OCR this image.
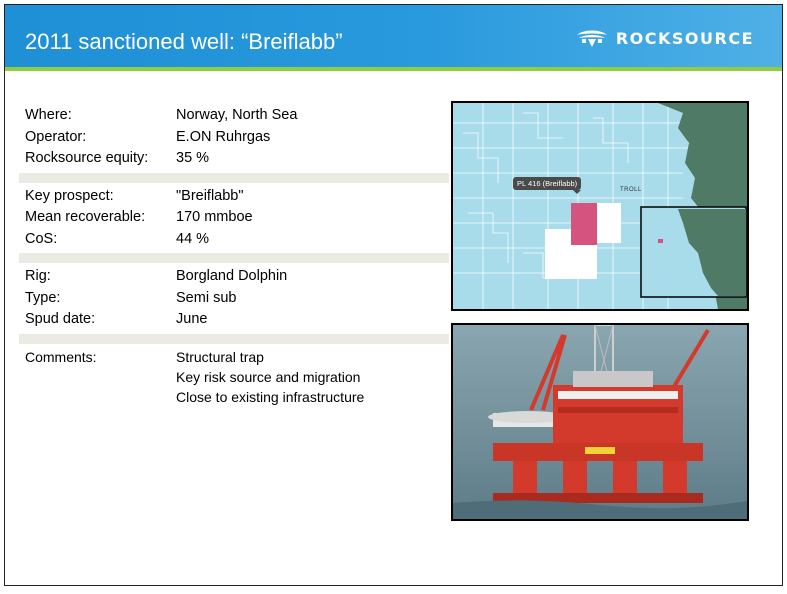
2011 sanctioned well: “Breiflabb”	ROCKSOURCE
Where:	Norway, North Sea
Operator:	E.ON Ruhrgas
Rocksource equity: 35 %
Key prospect:	"Breiflabb"
Mean recoverable: 170 mmboe
CoS:	44 %
Rig:	Borgland Dolphin
Type:	Semi sub
Spud date:	June
Comments:	Structural trap
Key risk source and migration
Close to existing infrastructure
PL 416 (Breiflabb)
TROLL
